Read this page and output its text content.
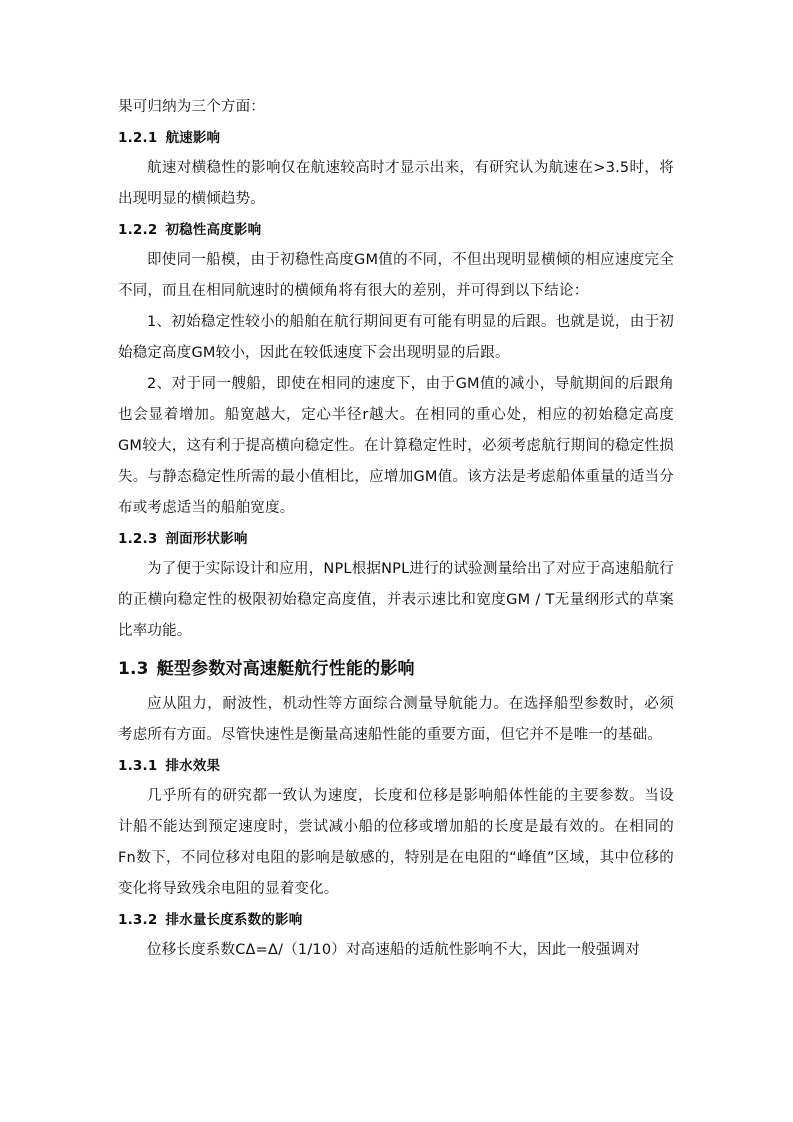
果可归纳为三个方面：

1.2.1 航速影响

航速对横稳性的影响仅在航速较高时才显示出来，有研究认为航速在>3.5时，将出现明显的横倾趋势。

1.2.2 初稳性高度影响

即使同一船模，由于初稳性高度GM值的不同，不但出现明显横倾的相应速度完全不同，而且在相同航速时的横倾角将有很大的差别，并可得到以下结论：

1、初始稳定性较小的船舶在航行期间更有可能有明显的后跟。也就是说，由于初始稳定高度GM较小，因此在较低速度下会出现明显的后跟。

2、对于同一艘船，即使在相同的速度下，由于GM值的减小，导航期间的后跟角也会显着增加。船宽越大，定心半径r越大。在相同的重心处，相应的初始稳定高度GM较大，这有利于提高横向稳定性。在计算稳定性时，必须考虑航行期间的稳定性损失。与静态稳定性所需的最小值相比，应增加GM值。该方法是考虑船体重量的适当分布或考虑适当的船舶宽度。

1.2.3 剖面形状影响

为了便于实际设计和应用，NPL根据NPL进行的试验测量给出了对应于高速船航行的正横向稳定性的极限初始稳定高度值，并表示速比和宽度GM / T无量纲形式的草案比率功能。

1.3 艇型参数对高速艇航行性能的影响

应从阻力，耐波性，机动性等方面综合测量导航能力。在选择船型参数时，必须考虑所有方面。尽管快速性是衡量高速船性能的重要方面，但它并不是唯一的基础。

1.3.1 排水效果

几乎所有的研究都一致认为速度，长度和位移是影响船体性能的主要参数。当设计船不能达到预定速度时，尝试减小船的位移或增加船的长度是最有效的。在相同的Fn数下，不同位移对电阻的影响是敏感的，特别是在电阻的“峰值”区域，其中位移的变化将导致残余电阻的显着变化。

1.3.2 排水量长度系数的影响

位移长度系数CΔ=Δ/（1/10）对高速船的适航性影响不大，因此一般强调对
